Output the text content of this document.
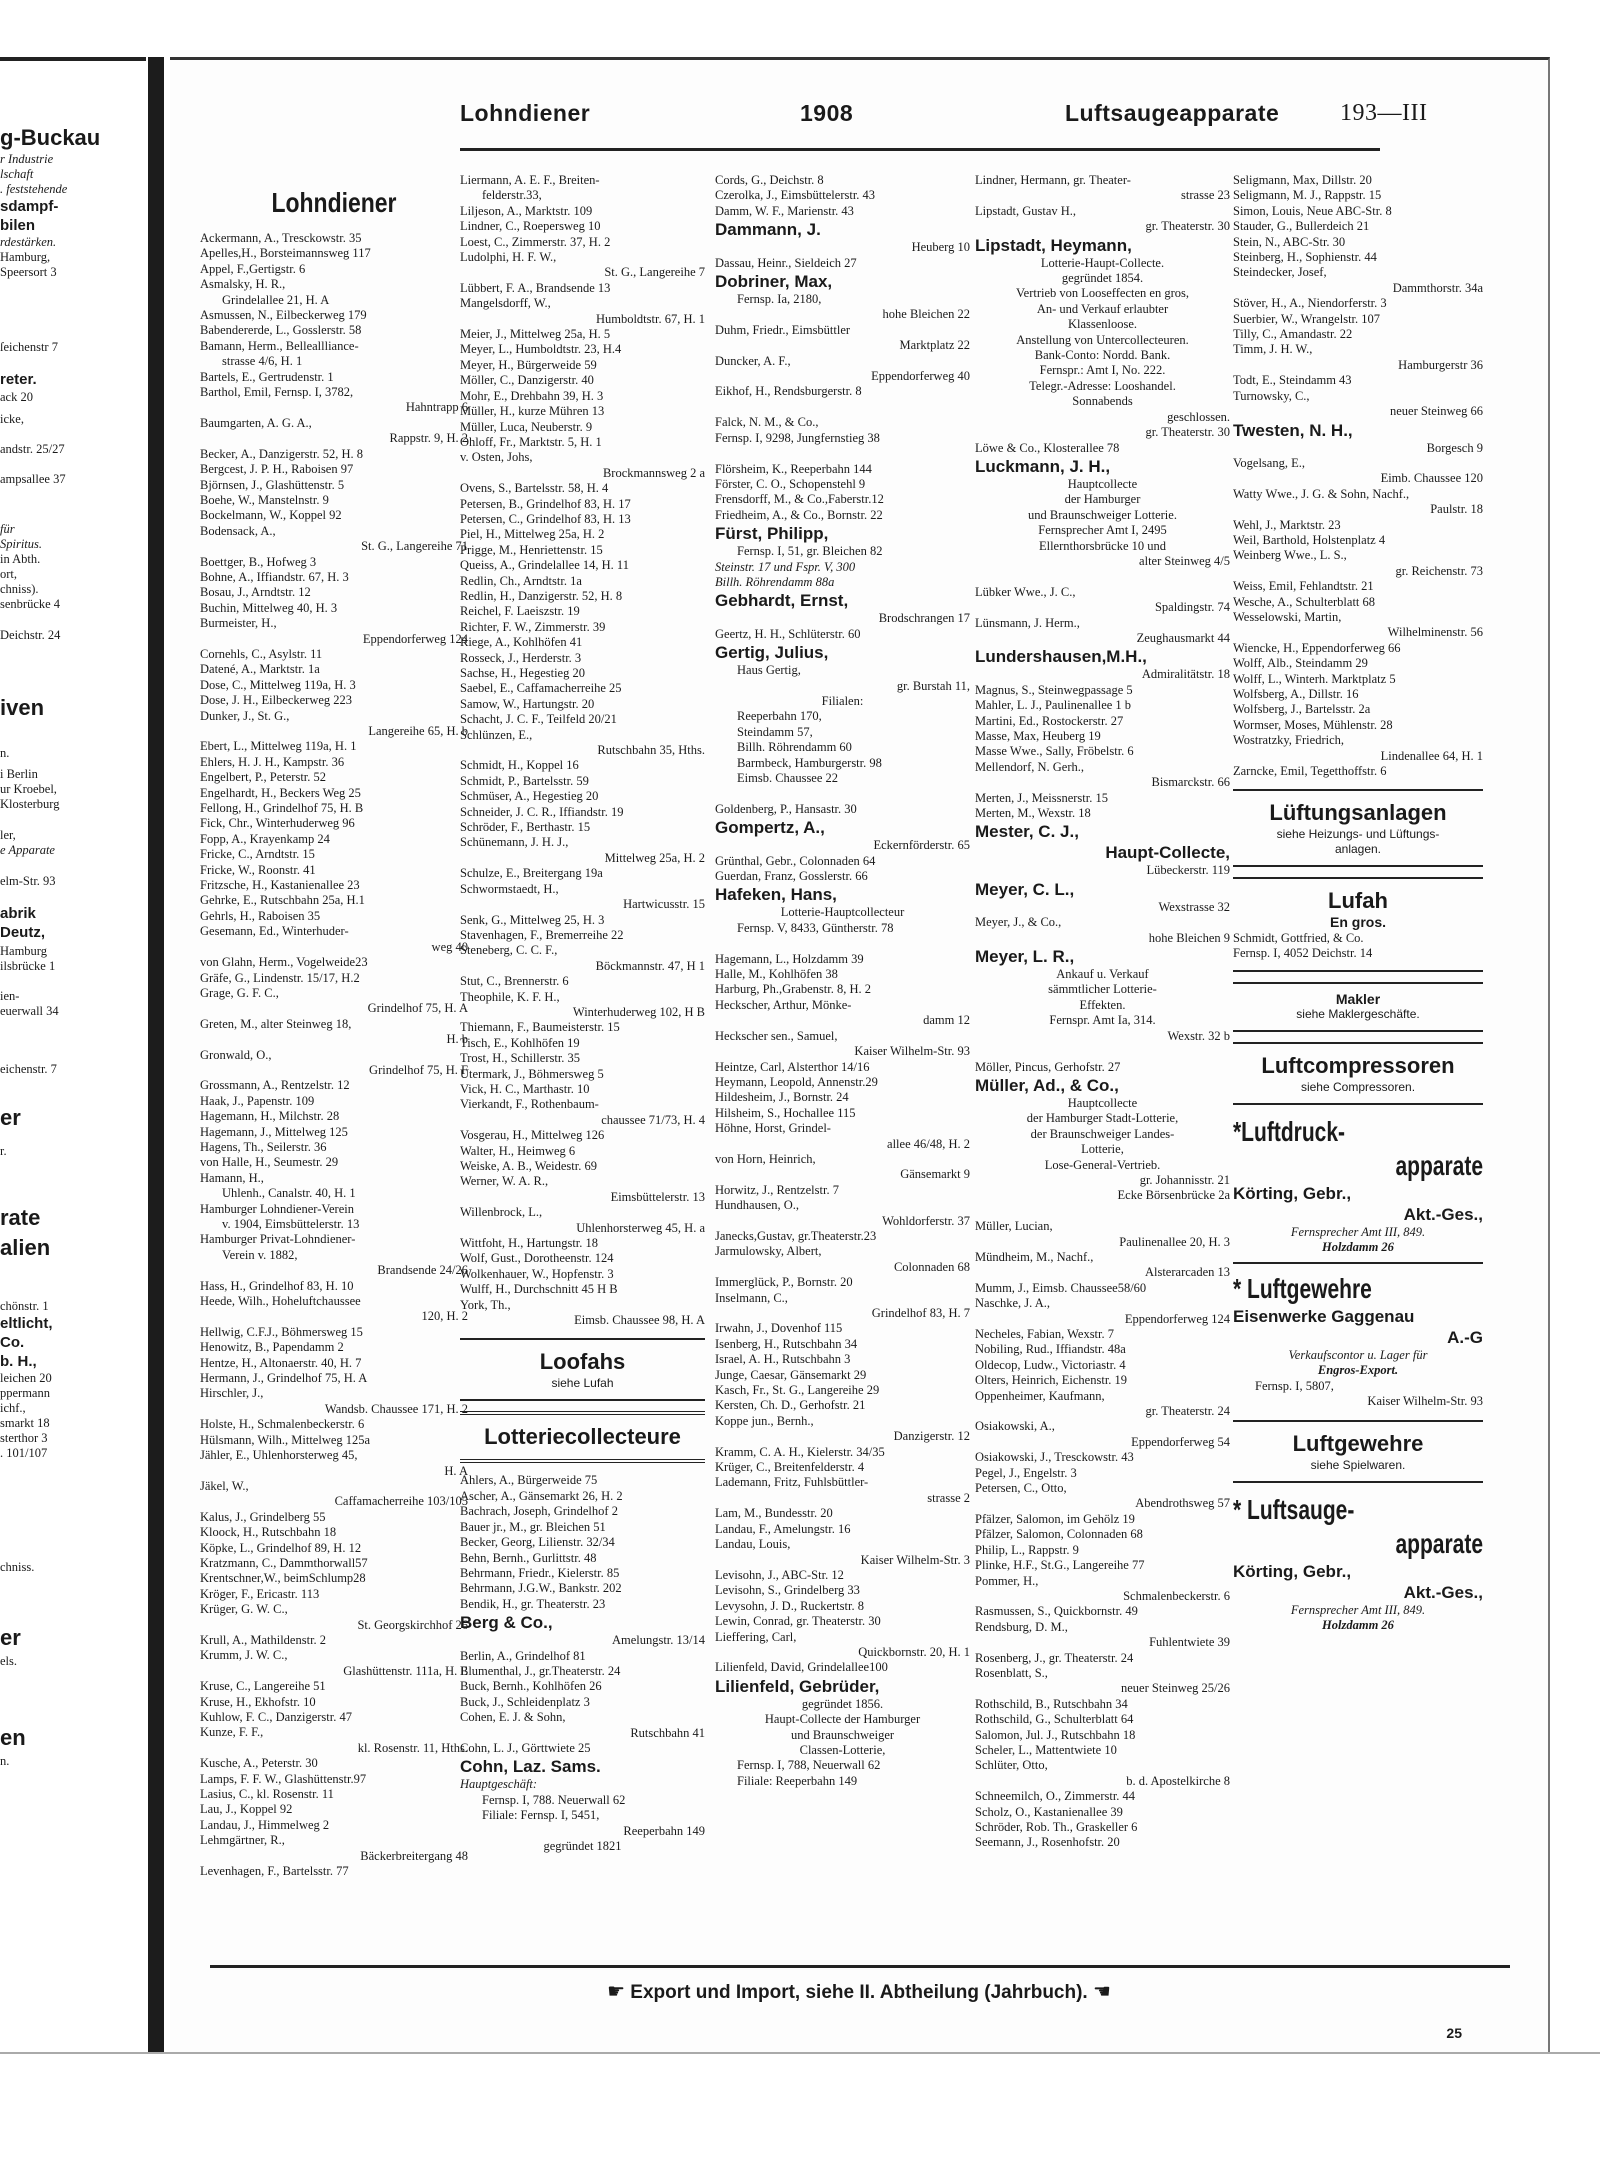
g-Buckau
r Industrie
lschaft
. feststehende
sdampf-
bilen
rdestärken.
Hamburg,
Speersort 3
ſeichenstr 7
reter.
ack 20
icke,
andstr. 25/27
ampsallee 37
für
Spiritus.
in Abth.
ort,
chniss).
senbrücke 4
Deichstr. 24
iven
n.
i Berlin
ur Kroebel,
Klosterburg
ler,
e Apparate
elm-Str. 93
abrik
Deutz,
Hamburg
ilsbrücke 1
ien-
euerwall 34
eichenstr. 7
er
r.
rate
alien
chönstr. 1
eltlicht,
Co.
b. H.,
leichen 20
ppermann
ichf.,
smarkt 18
sterthor 3
. 101/107
chniss.
er
els.
en
n.
Lohndiener	1908	Luftsaugeapparate	193—III
Lohndiener
Ackermann, A., Tresckowstr. 35
Apelles,H., Borsteimannsweg 117
Appel, F.,Gertigstr. 6
Asmalsky, H. R.,
Grindelallee 21, H. A
Asmussen, N., Eilbeckerweg 179
Babendererde, L., Gosslerstr. 58
Bamann, Herm., Belleallliance-
strasse 4/6, H. 1
Bartels, E., Gertrudenstr. 1
Barthol, Emil, Fernsp. I, 3782,
Hahntrapp 6
Baumgarten, A. G. A.,
Rappstr. 9, H. 2
Becker, A., Danzigerstr. 52, H. 8
Bergcest, J. P. H., Raboisen 97
Björnsen, J., Glashüttenstr. 5
Boehe, W., Manstelnstr. 9
Bockelmann, W., Koppel 92
Bodensack, A.,
St. G., Langereihe 71
Boettger, B., Hofweg 3
Bohne, A., Iffiandstr. 67, H. 3
Bosau, J., Arndtstr. 12
Buchin, Mittelweg 40, H. 3
Burmeister, H.,
Eppendorferweg 124
Cornehls, C., Asylstr. 11
Datené, A., Marktstr. 1a
Dose, C., Mittelweg 119a, H. 3
Dose, J. H., Eilbeckerweg 223
Dunker, J., St. G.,
Langereihe 65, H. b
Ebert, L., Mittelweg 119a, H. 1
Ehlers, H. J. H., Kampstr. 36
Engelbert, P., Peterstr. 52
Engelhardt, H., Beckers Weg 25
Fellong, H., Grindelhof 75, H. B
Fick, Chr., Winterhuderweg 96
Fopp, A., Krayenkamp 24
Fricke, C., Arndtstr. 15
Fricke, W., Roonstr. 41
Fritzsche, H., Kastanienallee 23
Gehrke, E., Rutschbahn 25a, H.1
Gehrls, H., Raboisen 35
Gesemann, Ed., Winterhuder-
weg 40
von Glahn, Herm., Vogelweide23
Gräfe, G., Lindenstr. 15/17, H.2
Grage, G. F. C.,
Grindelhof 75, H. A
Greten, M., alter Steinweg 18,
H. b
Gronwald, O.,
Grindelhof 75, H. F
Grossmann, A., Rentzelstr. 12
Haak, J., Papenstr. 109
Hagemann, H., Milchstr. 28
Hagemann, J., Mittelweg 125
Hagens, Th., Seilerstr. 36
von Halle, H., Seumestr. 29
Hamann, H.,
Uhlenh., Canalstr. 40, H. 1
Hamburger Lohndiener-Verein
v. 1904, Eimsbüttelerstr. 13
Hamburger Privat-Lohndiener-
Verein v. 1882,
Brandsende 24/26
Hass, H., Grindelhof 83, H. 10
Heede, Wilh., Hoheluftchaussee
120, H. 2
Hellwig, C.F.J., Böhmersweg 15
Henowitz, B., Papendamm 2
Hentze, H., Altonaerstr. 40, H. 7
Hermann, J., Grindelhof 75, H. A
Hirschler, J.,
Wandsb. Chaussee 171, H. 2
Holste, H., Schmalenbeckerstr. 6
Hülsmann, Wilh., Mittelweg 125a
Jähler, E., Uhlenhorsterweg 45,
H. A
Jäkel, W.,
Caffamacherreihe 103/105
Kalus, J., Grindelberg 55
Kloock, H., Rutschbahn 18
Köpke, L., Grindelhof 89, H. 12
Kratzmann, C., Dammthorwall57
Krentschner,W., beimSchlump28
Kröger, F., Ericastr. 113
Krüger, G. W. C.,
St. Georgskirchhof 26
Krull, A., Mathildenstr. 2
Krumm, J. W. C.,
Glashüttenstr. 111a, H. E
Kruse, C., Langereihe 51
Kruse, H., Ekhofstr. 10
Kuhlow, F. C., Danzigerstr. 47
Kunze, F. F.,
kl. Rosenstr. 11, Hths.
Kusche, A., Peterstr. 30
Lamps, F. F. W., Glashüttenstr.97
Lasius, C., kl. Rosenstr. 11
Lau, J., Koppel 92
Landau, J., Himmelweg 2
Lehmgärtner, R.,
Bäckerbreitergang 48
Levenhagen, F., Bartelsstr. 77
Liermann, A. E. F., Breiten-
felderstr.33,
Liljeson, A., Marktstr. 109
Lindner, C., Roepersweg 10
Loest, C., Zimmerstr. 37, H. 2
Ludolphi, H. F. W.,
St. G., Langereihe 7
Lübbert, F. A., Brandsende 13
Mangelsdorff, W.,
Humboldtstr. 67, H. 1
Meier, J., Mittelweg 25a, H. 5
Meyer, L., Humboldtstr. 23, H.4
Meyer, H., Bürgerweide 59
Möller, C., Danzigerstr. 40
Mohr, E., Drehbahn 39, H. 3
Müller, H., kurze Mühren 13
Müller, Luca, Neuberstr. 9
Ohloff, Fr., Marktstr. 5, H. 1
v. Osten, Johs,
Brockmannsweg 2 a
Ovens, S., Bartelsstr. 58, H. 4
Petersen, B., Grindelhof 83, H. 17
Petersen, C., Grindelhof 83, H. 13
Piel, H., Mittelweg 25a, H. 2
Prigge, M., Henriettenstr. 15
Queiss, A., Grindelallee 14, H. 11
Redlin, Ch., Arndtstr. 1a
Redlin, H., Danzigerstr. 52, H. 8
Reichel, F. Laeiszstr. 19
Richter, F. W., Zimmerstr. 39
Riege, A., Kohlhöfen 41
Rosseck, J., Herderstr. 3
Sachse, H., Hegestieg 20
Saebel, E., Caffamacherreihe 25
Samow, W., Hartungstr. 20
Schacht, J. C. F., Teilfeld 20/21
Schlünzen, E.,
Rutschbahn 35, Hths.
Schmidt, H., Koppel 16
Schmidt, P., Bartelsstr. 59
Schmüser, A., Hegestieg 20
Schneider, J. C. R., Iffiandstr. 19
Schröder, F., Berthastr. 15
Schünemann, J. H. J.,
Mittelweg 25a, H. 2
Schulze, E., Breitergang 19a
Schwormstaedt, H.,
Hartwicusstr. 15
Senk, G., Mittelweg 25, H. 3
Stavenhagen, F., Bremerreihe 22
Steneberg, C. C. F.,
Böckmannstr. 47, H 1
Stut, C., Brennerstr. 6
Theophile, K. F. H.,
Winterhuderweg 102, H B
Thiemann, F., Baumeisterstr. 15
Tisch, E., Kohlhöfen 19
Trost, H., Schillerstr. 35
Utermark, J., Böhmersweg 5
Vick, H. C., Marthastr. 10
Vierkandt, F., Rothenbaum-
chaussee 71/73, H. 4
Vosgerau, H., Mittelweg 126
Walter, H., Heimweg 6
Weiske, A. B., Weidestr. 69
Werner, W. A. R.,
Eimsbüttelerstr. 13
Willenbrock, L.,
Uhlenhorsterweg 45, H. a
Wittfoht, H., Hartungstr. 18
Wolf, Gust., Dorotheenstr. 124
Wolkenhauer, W., Hopfenstr. 3
Wulff, H., Durchschnitt 45 H B
York, Th.,
Eimsb. Chaussee 98, H. A
Loofahs
siehe Lufah
Lotteriecollecteure
Ahlers, A., Bürgerweide 75
Ascher, A., Gänsemarkt 26, H. 2
Bachrach, Joseph, Grindelhof 2
Bauer jr., M., gr. Bleichen 51
Becker, Georg, Lilienstr. 32/34
Behn, Bernh., Gurlittstr. 48
Behrmann, Friedr., Kielerstr. 85
Behrmann, J.G.W., Bankstr. 202
Bendik, H., gr. Theaterstr. 23
Berg & Co.,
Amelungstr. 13/14
Berlin, A., Grindelhof 81
Blumenthal, J., gr.Theaterstr. 24
Buck, Bernh., Kohlhöfen 26
Buck, J., Schleidenplatz 3
Cohen, E. J. & Sohn,
Rutschbahn 41
Cohn, L. J., Görttwiete 25
Cohn, Laz. Sams.
Hauptgeschäft:
Fernsp. I, 788. Neuerwall 62
Filiale: Fernsp. I, 5451,
Reeperbahn 149
gegründet 1821
Cords, G., Deichstr. 8
Czerolka, J., Eimsbüttelerstr. 43
Damm, W. F., Marienstr. 43
Dammann, J.
Heuberg 10
Dassau, Heinr., Sieldeich 27
Dobriner, Max,
Fernsp. Ia, 2180,
hohe Bleichen 22
Duhm, Friedr., Eimsbüttler
Marktplatz 22
Duncker, A. F.,
Eppendorferweg 40
Eikhof, H., Rendsburgerstr. 8

Falck, N. M., & Co.,
Fernsp. I, 9298, Jungfernstieg 38

Flörsheim, K., Reeperbahn 144
Förster, C. O., Schopenstehl 9
Frensdorff, M., & Co.,Faberstr.12
Friedheim, A., & Co., Bornstr. 22
Fürst, Philipp,
Fernsp. I, 51, gr. Bleichen 82
Steinstr. 17 und Fspr. V, 300
Billh. Röhrendamm 88a
Gebhardt, Ernst,
Brodschrangen 17
Geertz, H. H., Schlüterstr. 60
Gertig, Julius,
Haus Gertig,
gr. Burstah 11,
Filialen:
Reeperbahn 170,
Steindamm 57,
Billh. Röhrendamm 60
Barmbeck, Hamburgerstr. 98
Eimsb. Chaussee 22

Goldenberg, P., Hansastr. 30
Gompertz, A.,
Eckernförderstr. 65
Grünthal, Gebr., Colonnaden 64
Guerdan, Franz, Gosslerstr. 66
Hafeken, Hans,
Lotterie-Hauptcollecteur
Fernsp. V, 8433, Güntherstr. 78

Hagemann, L., Holzdamm 39
Halle, M., Kohlhöfen 38
Harburg, Ph.,Grabenstr. 8, H. 2
Heckscher, Arthur, Mönke-
damm 12
Heckscher sen., Samuel,
Kaiser Wilhelm-Str. 93
Heintze, Carl, Alsterthor 14/16
Heymann, Leopold, Annenstr.29
Hildesheim, J., Bornstr. 24
Hilsheim, S., Hochallee 115
Höhne, Horst, Grindel-
allee 46/48, H. 2
von Horn, Heinrich,
Gänsemarkt 9
Horwitz, J., Rentzelstr. 7
Hundhausen, O.,
Wohldorferstr. 37
Janecks,Gustav, gr.Theaterstr.23
Jarmulowsky, Albert,
Colonnaden 68
Immerglück, P., Bornstr. 20
Inselmann, C.,
Grindelhof 83, H. 7
Irwahn, J., Dovenhof 115
Isenberg, H., Rutschbahn 34
Israel, A. H., Rutschbahn 3
Junge, Caesar, Gänsemarkt 29
Kasch, Fr., St. G., Langereihe 29
Kersten, Ch. D., Gerhofstr. 21
Koppe jun., Bernh.,
Danzigerstr. 12
Kramm, C. A. H., Kielerstr. 34/35
Krüger, C., Breitenfelderstr. 4
Lademann, Fritz, Fuhlsbüttler-
strasse 2
Lam, M., Bundesstr. 20
Landau, F., Amelungstr. 16
Landau, Louis,
Kaiser Wilhelm-Str. 3
Levisohn, J., ABC-Str. 12
Levisohn, S., Grindelberg 33
Levysohn, J. D., Ruckertstr. 8
Lewin, Conrad, gr. Theaterstr. 30
Lieffering, Carl,
Quickbornstr. 20, H. 1
Lilienfeld, David, Grindelallee100
Lilienfeld, Gebrüder,
gegründet 1856.
Haupt-Collecte der Hamburger
und Braunschweiger
Classen-Lotterie,
Fernsp. I, 788, Neuerwall 62
Filiale: Reeperbahn 149
Lindner, Hermann, gr. Theater-
strasse 23
Lipstadt, Gustav H.,
gr. Theaterstr. 30
Lipstadt, Heymann,
Lotterie-Haupt-Collecte.
gegründet 1854.
Vertrieb von Looseffecten en gros,
An- und Verkauf erlaubter
Klassenloose.
Anstellung von Untercollecteuren.
Bank-Conto: Nordd. Bank.
Fernspr.: Amt I, No. 222.
Telegr.-Adresse: Looshandel.
Sonnabends
geschlossen.
gr. Theaterstr. 30
Löwe & Co., Klosterallee 78
Luckmann, J. H.,
Hauptcollecte
der Hamburger
und Braunschweiger Lotterie.
Fernsprecher Amt I, 2495
Ellernthorsbrücke 10 und
alter Steinweg 4/5

Lübker Wwe., J. C.,
Spaldingstr. 74
Lünsmann, J. Herm.,
Zeughausmarkt 44
Lundershausen,M.H.,
Admiralitätstr. 18
Magnus, S., Steinwegpassage 5
Mahler, L. J., Paulinenallee 1 b
Martini, Ed., Rostockerstr. 27
Masse, Max, Heuberg 19
Masse Wwe., Sally, Fröbelstr. 6
Mellendorf, N. Gerh.,
Bismarckstr. 66
Merten, J., Meissnerstr. 15
Merten, M., Wexstr. 18
Mester, C. J.,
Haupt-Collecte,
Lübeckerstr. 119
Meyer, C. L.,
Wexstrasse 32
Meyer, J., & Co.,
hohe Bleichen 9
Meyer, L. R.,
Ankauf u. Verkauf
sämmtlicher Lotterie-
Effekten.
Fernspr. Amt Ia, 314.
Wexstr. 32 b

Möller, Pincus, Gerhofstr. 27
Müller, Ad., & Co.,
Hauptcollecte
der Hamburger Stadt-Lotterie,
der Braunschweiger Landes-
Lotterie,
Lose-General-Vertrieb.
gr. Johannisstr. 21
Ecke Börsenbrücke 2a

Müller, Lucian,
Paulinenallee 20, H. 3
Mündheim, M., Nachf.,
Alsterarcaden 13
Mumm, J., Eimsb. Chaussee58/60
Naschke, J. A.,
Eppendorferweg 124
Necheles, Fabian, Wexstr. 7
Nobiling, Rud., Iffiandstr. 48a
Oldecop, Ludw., Victoriastr. 4
Olters, Heinrich, Eichenstr. 19
Oppenheimer, Kaufmann,
gr. Theaterstr. 24
Osiakowski, A.,
Eppendorferweg 54
Osiakowski, J., Tresckowstr. 43
Pegel, J., Engelstr. 3
Petersen, C., Otto,
Abendrothsweg 57
Pfälzer, Salomon, im Gehölz 19
Pfälzer, Salomon, Colonnaden 68
Philip, L., Rappstr. 9
Plinke, H.F., St.G., Langereihe 77
Pommer, H.,
Schmalenbeckerstr. 6
Rasmussen, S., Quickbornstr. 49
Rendsburg, D. M.,
Fuhlentwiete 39
Rosenberg, J., gr. Theaterstr. 24
Rosenblatt, S.,
neuer Steinweg 25/26
Rothschild, B., Rutschbahn 34
Rothschild, G., Schulterblatt 64
Salomon, Jul. J., Rutschbahn 18
Scheler, L., Mattentwiete 10
Schlüter, Otto,
b. d. Apostelkirche 8
Schneemilch, O., Zimmerstr. 44
Scholz, O., Kastanienallee 39
Schröder, Rob. Th., Graskeller 6
Seemann, J., Rosenhofstr. 20
Seligmann, Max, Dillstr. 20
Seligmann, M. J., Rappstr. 15
Simon, Louis, Neue ABC-Str. 8
Stauder, G., Bullerdeich 21
Stein, N., ABC-Str. 30
Steinberg, H., Sophienstr. 44
Steindecker, Josef,
Dammthorstr. 34a
Stöver, H., A., Niendorferstr. 3
Suerbier, W., Wrangelstr. 107
Tilly, C., Amandastr. 22
Timm, J. H. W.,
Hamburgerstr 36
Todt, E., Steindamm 43
Turnowsky, C.,
neuer Steinweg 66
Twesten, N. H.,
Borgesch 9
Vogelsang, E.,
Eimb. Chaussee 120
Watty Wwe., J. G. & Sohn, Nachf.,
Paulstr. 18
Wehl, J., Marktstr. 23
Weil, Barthold, Holstenplatz 4
Weinberg Wwe., L. S.,
gr. Reichenstr. 73
Weiss, Emil, Fehlandtstr. 21
Wesche, A., Schulterblatt 68
Wesselowski, Martin,
Wilhelminenstr. 56
Wiencke, H., Eppendorferweg 66
Wolff, Alb., Steindamm 29
Wolff, L., Winterh. Marktplatz 5
Wolfsberg, A., Dillstr. 16
Wolfsberg, J., Bartelsstr. 2a
Wormser, Moses, Mühlenstr. 28
Wostratzky, Friedrich,
Lindenallee 64, H. 1
Zarncke, Emil, Tegetthoffstr. 6
Lüftungsanlagen
siehe Heizungs- und Lüftungs-
anlagen.
Lufah
En gros.
Schmidt, Gottfried, & Co.
Fernsp. I, 4052 Deichstr. 14
Makler
siehe Maklergeschäfte.
Luftcompressoren
siehe Compressoren.
*Luftdruck-
apparate
Körting, Gebr.,
Akt.-Ges.,
Fernsprecher Amt III, 849.
Holzdamm 26
* Luftgewehre
Eisenwerke Gaggenau
A.-G
Verkaufscontor u. Lager für
Engros-Export.
Fernsp. I, 5807,
Kaiser Wilhelm-Str. 93
Luftgewehre
siehe Spielwaren.
* Luftsauge-
apparate
Körting, Gebr.,
Akt.-Ges.,
Fernsprecher Amt III, 849.
Holzdamm 26
☛ Export und Import, siehe II. Abtheilung (Jahrbuch). ☚
25
